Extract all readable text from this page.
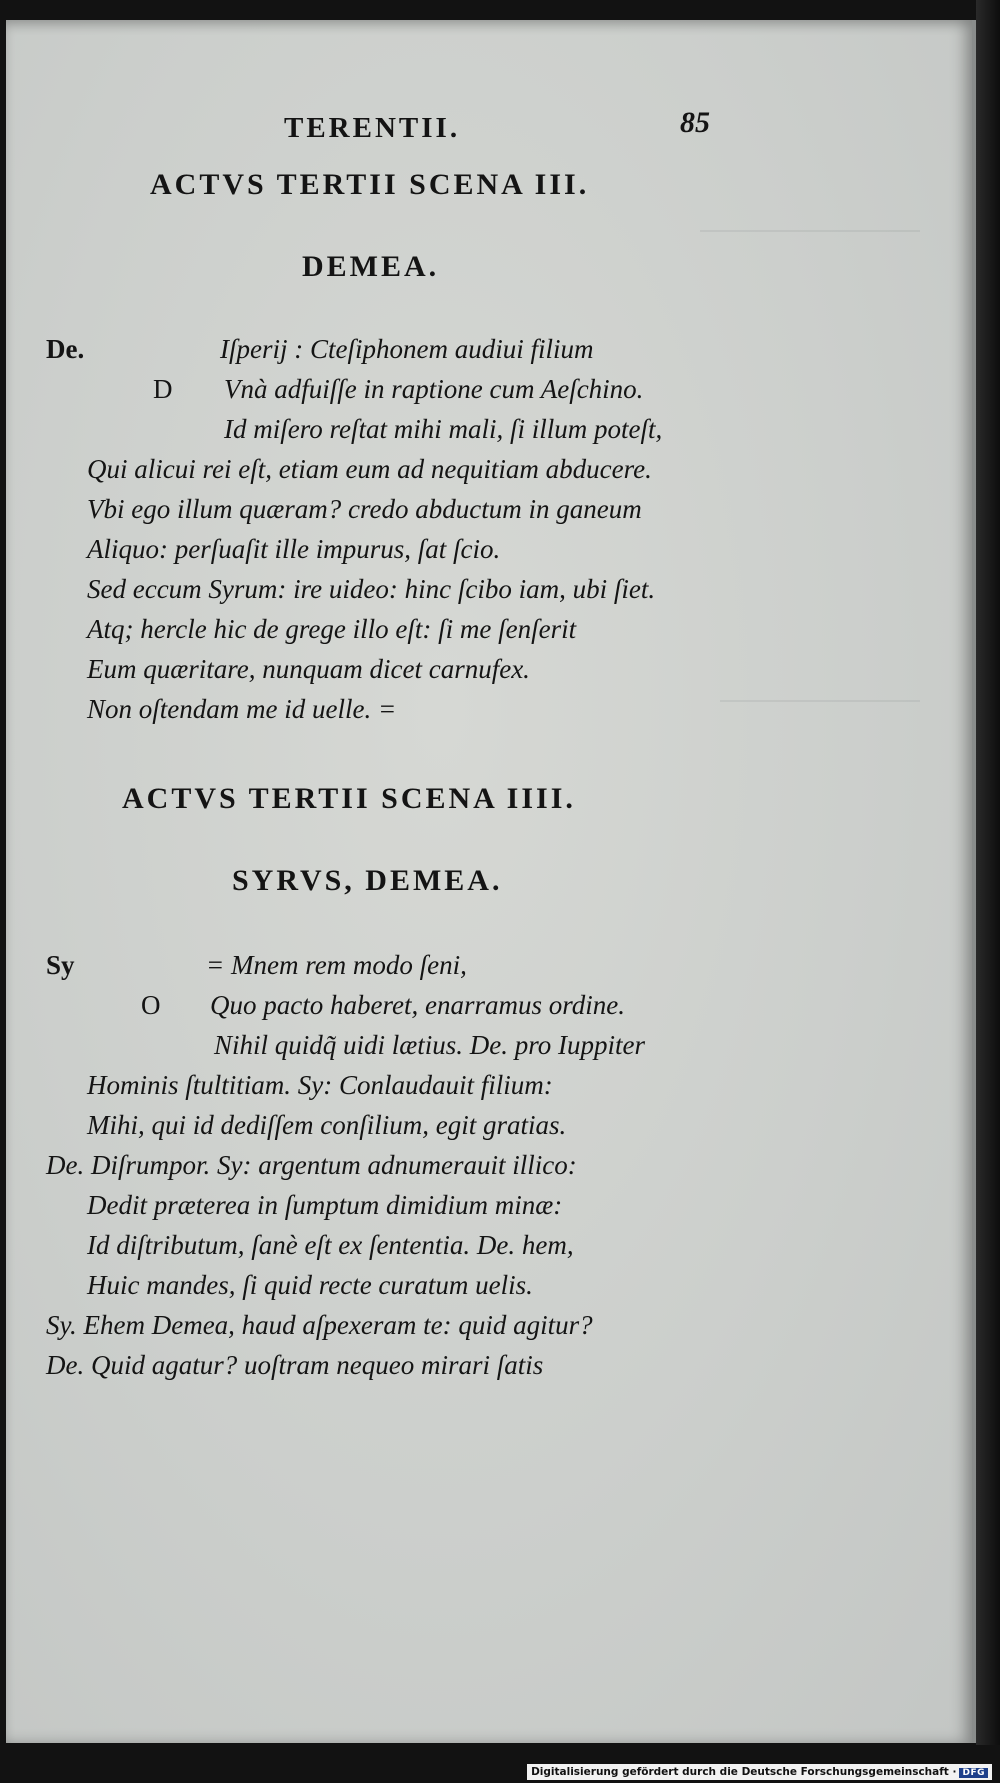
TERENTII.	85
ACTVS TERTII SCENA III.
DEMEA.
De.
D
Iſperij : Cteſiphonem audiui filium
Vnà adfuiſſe in raptione cum Aeſchino.
Id miſero reſtat mihi mali, ſi illum poteſt,
Qui alicui rei eſt, etiam eum ad nequitiam abducere.
Vbi ego illum quæram? credo abductum in ganeum
Aliquo: perſuaſit ille impurus, ſat ſcio.
Sed eccum Syrum: ire uideo: hinc ſcibo iam, ubi ſiet.
Atq; hercle hic de grege illo eſt: ſi me ſenſerit
Eum quæritare, nunquam dicet carnufex.
Non oſtendam me id uelle. =
ACTVS TERTII SCENA IIII.
SYRVS, DEMEA.
Sy
O
= Mnem rem modo ſeni,
Quo pacto haberet, enarramus ordine.
Nihil quidq̃ uidi lætius. De. pro Iuppiter
Hominis ſtultitiam. Sy: Conlaudauit filium:
Mihi, qui id dediſſem conſilium, egit gratias.
De. Diſrumpor. Sy: argentum adnumerauit illico:
Dedit præterea in ſumptum dimidium minæ:
Id diſtributum, ſanè eſt ex ſententia. De. hem,
Huic mandes, ſi quid recte curatum uelis.
Sy. Ehem Demea, haud aſpexeram te: quid agitur?
De. Quid agatur? uoſtram nequeo mirari ſatis
Digitalisierung gefördert durch die Deutsche Forschungsgemeinschaft · DFG
